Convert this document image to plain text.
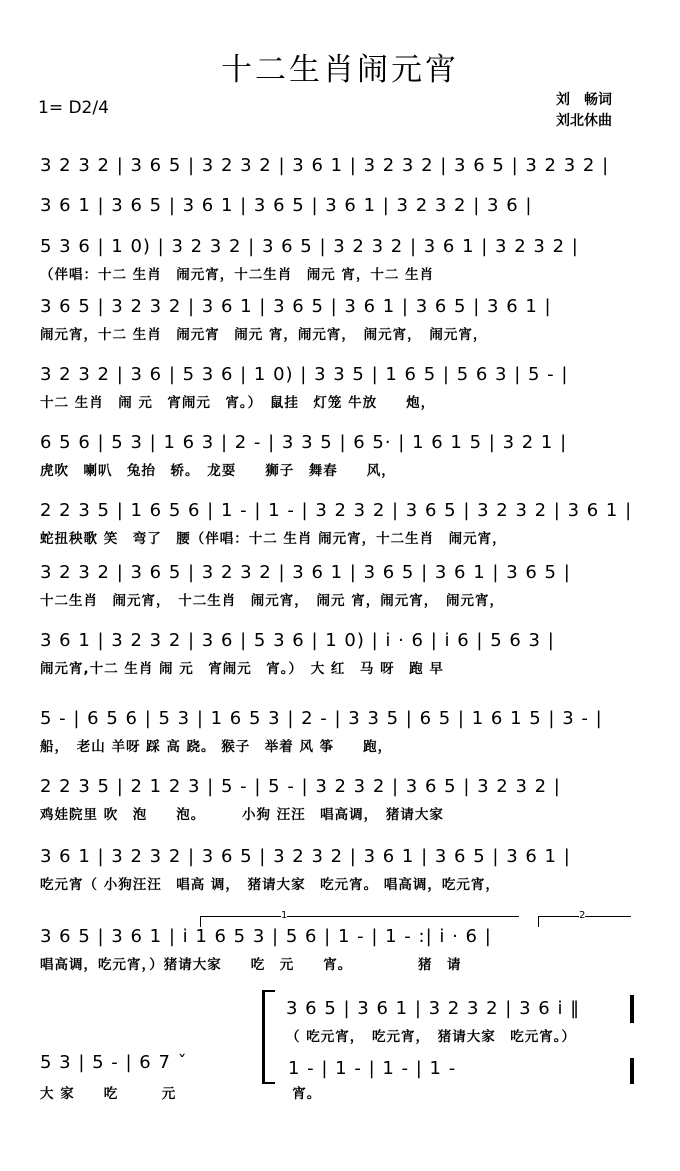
十二生肖闹元宵
1= D2/4	刘　畅词
刘北休曲
3 2 3 2 | 3 6 5 | 3 2 3 2 | 3 6 1 | 3 2 3 2 | 3 6 5 | 3 2 3 2 |
3 6 1 | 3 6 5 | 3 6 1 | 3 6 5 | 3 6 1 | 3 2 3 2 | 3 6 |
5 3 6 | 1 0) | 3 2 3 2 | 3 6 5 | 3 2 3 2 | 3 6 1 | 3 2 3 2 |
（伴唱：十二 生肖　闹元宵，十二生肖　闹元 宵，十二 生肖
3 6 5 | 3 2 3 2 | 3 6 1 | 3 6 5 | 3 6 1 | 3 6 5 | 3 6 1 |
闹元宵，十二 生肖　闹元宵　闹元 宵，闹元宵，　闹元宵，　闹元宵，
3 2 3 2 | 3 6 | 5 3 6 | 1 0) | 3 3 5 | 1 6 5 | 5 6 3 | 5 - |
十二 生肖　闹 元　宵闹元　宵。）　鼠挂　灯笼 牛放　　炮，
6 5 6 | 5 3 | 1 6 3 | 2 - | 3 3 5 | 6 5· | 1 6 1 5 | 3 2 1 |
虎吹　喇叭　兔抬　轿。　龙耍　　狮子　舞春　　风，
2 2 3 5 | 1 6 5 6 | 1 - | 1 - | 3 2 3 2 | 3 6 5 | 3 2 3 2 | 3 6 1 |
蛇扭秧歌 笑　弯了　腰（伴唱：十二 生肖 闹元宵，十二生肖　闹元宵，
3 2 3 2 | 3 6 5 | 3 2 3 2 | 3 6 1 | 3 6 5 | 3 6 1 | 3 6 5 |
十二生肖　闹元宵，　十二生肖　闹元宵，　闹元 宵，闹元宵，　闹元宵，
3 6 1 | 3 2 3 2 | 3 6 | 5 3 6 | 1 0) | i · 6 | i 6 | 5 6 3 |
闹元宵,十二 生肖 闹 元　宵闹元　宵。）　大 红　马 呀　跑 早
5 - | 6 5 6 | 5 3 | 1 6 5 3 | 2 - | 3 3 5 | 6 5 | 1 6 1 5 | 3 - |
船，　老山 羊呀 踩 高 跷。 猴子　举着 风 筝　　跑，
2 2 3 5 | 2 1 2 3 | 5 - | 5 - | 3 2 3 2 | 3 6 5 | 3 2 3 2 |
鸡娃院里 吹　泡　　泡。　　　小狗 汪汪　唱高调，　猪请大家
3 6 1 | 3 2 3 2 | 3 6 5 | 3 2 3 2 | 3 6 1 | 3 6 5 | 3 6 1 |
吃元宵（ 小狗汪汪　唱高 调，　猪请大家　吃元宵。 唱高调，吃元宵，
1	2
3 6 5 | 3 6 1 | i 1 6 5 3 | 5 6 | 1 - | 1 - :| i · 6 |
唱高调，吃元宵，）猪请大家　　吃　元　　宵。　　　　　猪　请
3 6 5 | 3 6 1 | 3 2 3 2 | 3 6 i ‖
（ 吃元宵，　吃元宵，　猪请大家　吃元宵。）
5 3 | 5 - | 6 7 ˇ	1 - | 1 - | 1 - | 1 -
大 家　　吃　　　元　　　　　　　　宵。
